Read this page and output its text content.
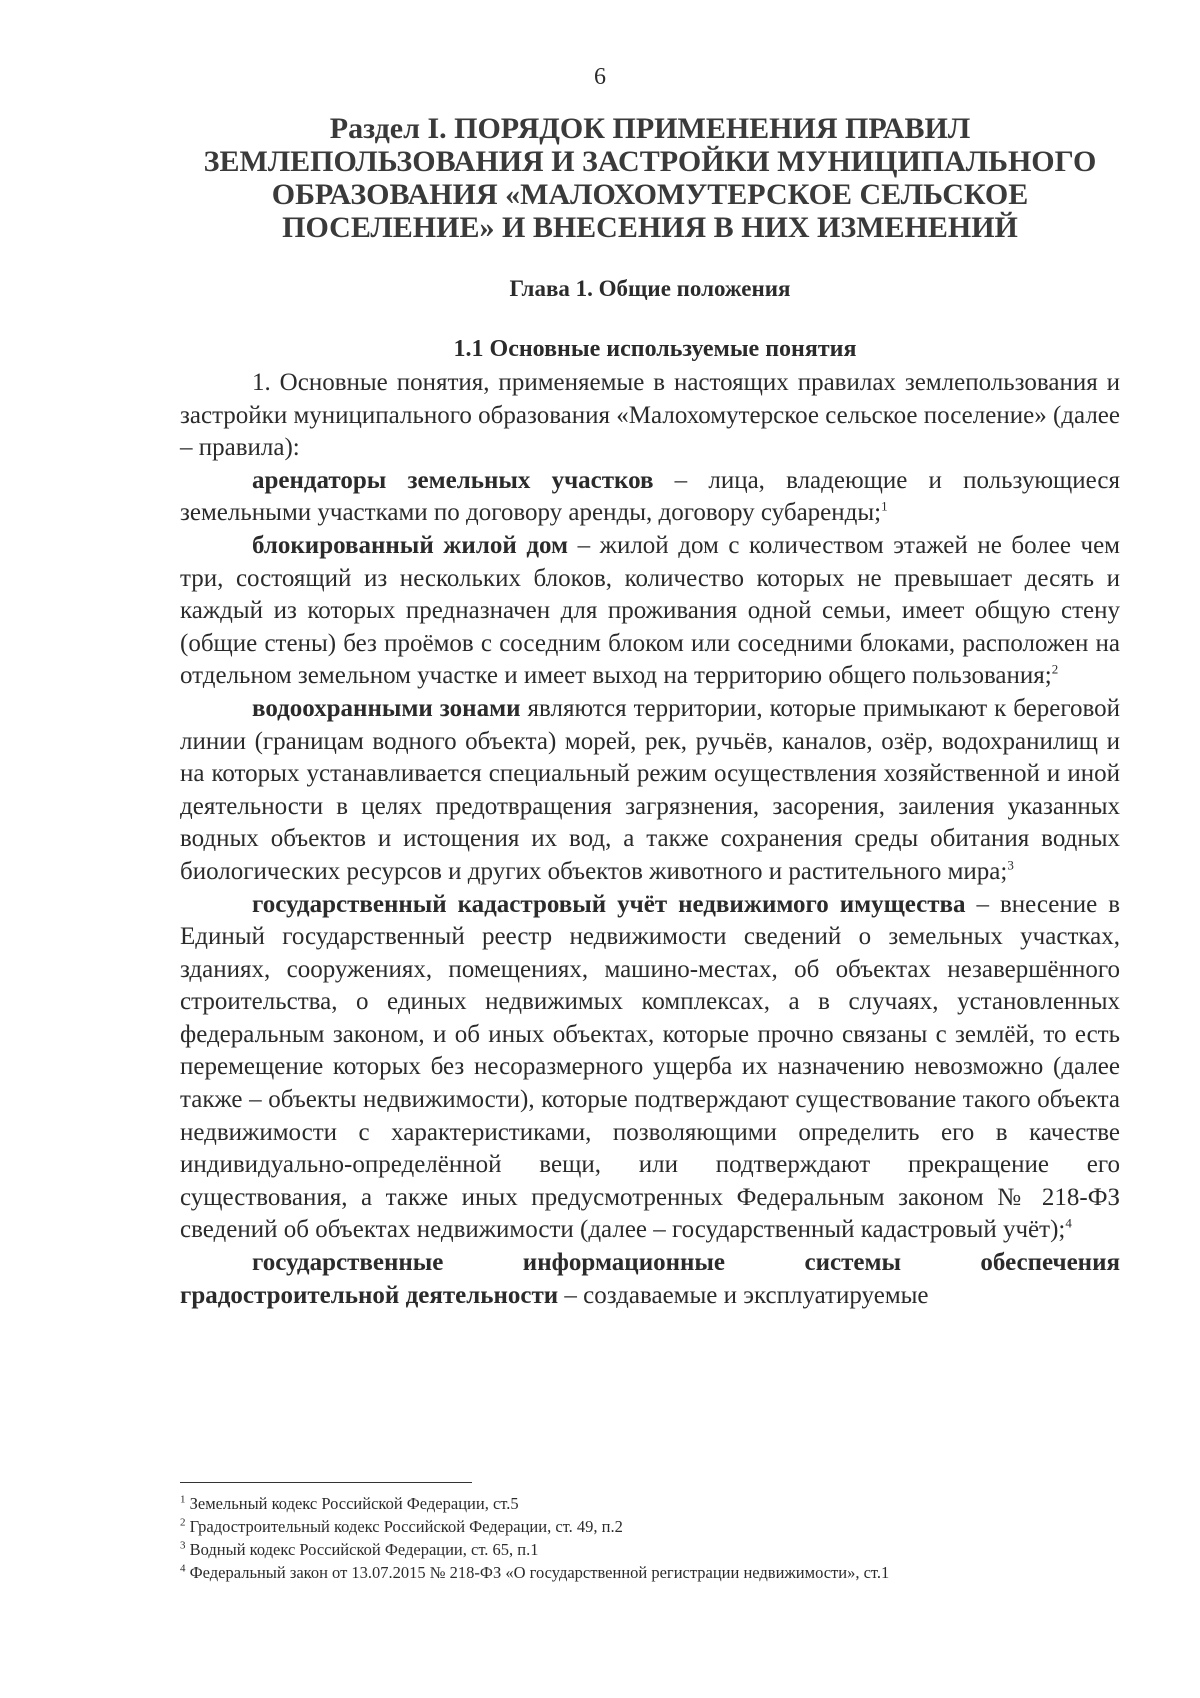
6
Раздел I. ПОРЯДОК ПРИМЕНЕНИЯ ПРАВИЛ ЗЕМЛЕПОЛЬЗОВАНИЯ И ЗАСТРОЙКИ МУНИЦИПАЛЬНОГО ОБРАЗОВАНИЯ «МАЛОХОМУТЕРСКОЕ СЕЛЬСКОЕ ПОСЕЛЕНИЕ» И ВНЕСЕНИЯ В НИХ ИЗМЕНЕНИЙ
Глава 1. Общие положения
1.1 Основные используемые понятия

1. Основные понятия, применяемые в настоящих правилах землепользования и застройки муниципального образования «Малохомутерское сельское поселение» (далее – правила):

арендаторы земельных участков – лица, владеющие и пользующиеся земельными участками по договору аренды, договору субаренды;$^1$

блокированный жилой дом – жилой дом с количеством этажей не более чем три, состоящий из нескольких блоков, количество которых не превышает десять и каждый из которых предназначен для проживания одной семьи, имеет общую стену (общие стены) без проёмов с соседним блоком или соседними блоками, расположен на отдельном земельном участке и имеет выход на территорию общего пользования;$^2$

водоохранными зонами являются территории, которые примыкают к береговой линии (границам водного объекта) морей, рек, ручьёв, каналов, озёр, водохранилищ и на которых устанавливается специальный режим осуществления хозяйственной и иной деятельности в целях предотвращения загрязнения, засорения, заиления указанных водных объектов и истощения их вод, а также сохранения среды обитания водных биологических ресурсов и других объектов животного и растительного мира;$^3$

государственный кадастровый учёт недвижимого имущества – внесение в Единый государственный реестр недвижимости сведений о земельных участках, зданиях, сооружениях, помещениях, машино-местах, об объектах незавершённого строительства, о единых недвижимых комплексах, а в случаях, установленных федеральным законом, и об иных объектах, которые прочно связаны с землёй, то есть перемещение которых без несоразмерного ущерба их назначению невозможно (далее также – объекты недвижимости), которые подтверждают существование такого объекта недвижимости с характеристиками, позволяющими определить его в качестве индивидуально-определённой вещи, или подтверждают прекращение его существования, а также иных предусмотренных Федеральным законом № 218-ФЗ сведений об объектах недвижимости (далее – государственный кадастровый учёт);$^4$

государственные информационные системы обеспечения градостроительной деятельности – создаваемые и эксплуатируемые

$^1$ Земельный кодекс Российской Федерации, ст.5
$^2$ Градостроительный кодекс Российской Федерации, ст. 49, п.2
$^3$ Водный кодекс Российской Федерации, ст. 65, п.1
$^4$ Федеральный закон от 13.07.2015 № 218-ФЗ «О государственной регистрации недвижимости», ст.1
